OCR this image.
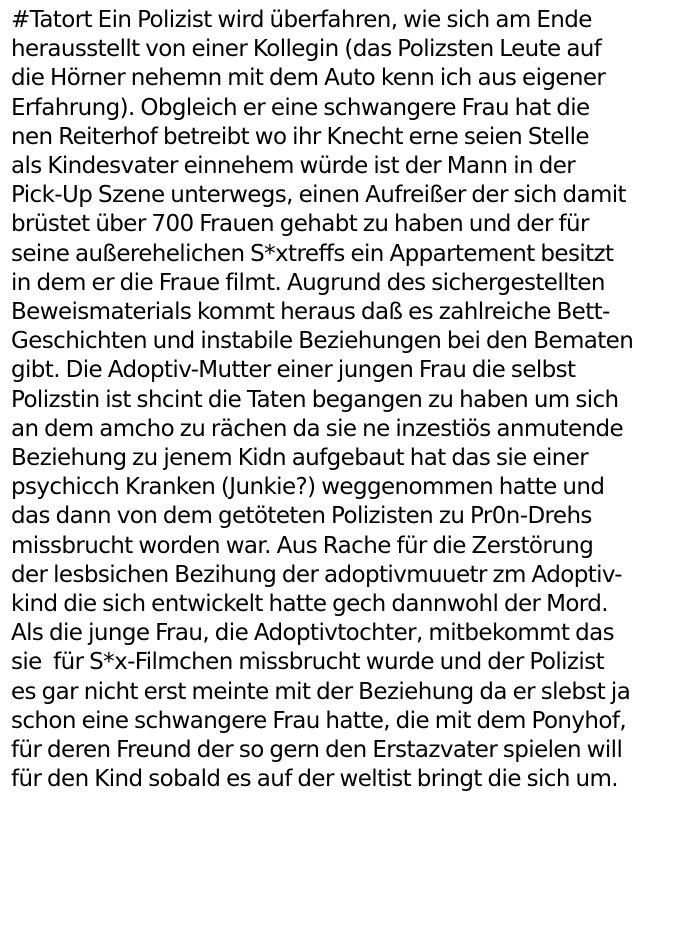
#Tatort Ein Polizist wird überfahren, wie sich am Ende
herausstellt von einer Kollegin (das Polizsten Leute auf
die Hörner nehemn mit dem Auto kenn ich aus eigener
Erfahrung). Obgleich er eine schwangere Frau hat die
nen Reiterhof betreibt wo ihr Knecht erne seien Stelle
als Kindesvater einnehem würde ist der Mann in der
Pick-Up Szene unterwegs, einen Aufreißer der sich damit
brüstet über 700 Frauen gehabt zu haben und der für
seine außerehelichen S*xtreffs ein Appartement besitzt
in dem er die Fraue filmt. Augrund des sichergestellten
Beweismaterials kommt heraus daß es zahlreiche Bett-
Geschichten und instabile Beziehungen bei den Bematen
gibt. Die Adoptiv-Mutter einer jungen Frau die selbst
Polizstin ist shcint die Taten begangen zu haben um sich
an dem amcho zu rächen da sie ne inzestiös anmutende
Beziehung zu jenem Kidn aufgebaut hat das sie einer
psychicch Kranken (Junkie?) weggenommen hatte und
das dann von dem getöteten Polizisten zu Pr0n-Drehs
missbrucht worden war. Aus Rache für die Zerstörung
der lesbsichen Bezihung der adoptivmuuetr zm Adoptiv-
kind die sich entwickelt hatte gech dannwohl der Mord.
Als die junge Frau, die Adoptivtochter, mitbekommt das
sie  für S*x-Filmchen missbrucht wurde und der Polizist
es gar nicht erst meinte mit der Beziehung da er slebst ja
schon eine schwangere Frau hatte, die mit dem Ponyhof,
für deren Freund der so gern den Erstazvater spielen will
für den Kind sobald es auf der weltist bringt die sich um.
